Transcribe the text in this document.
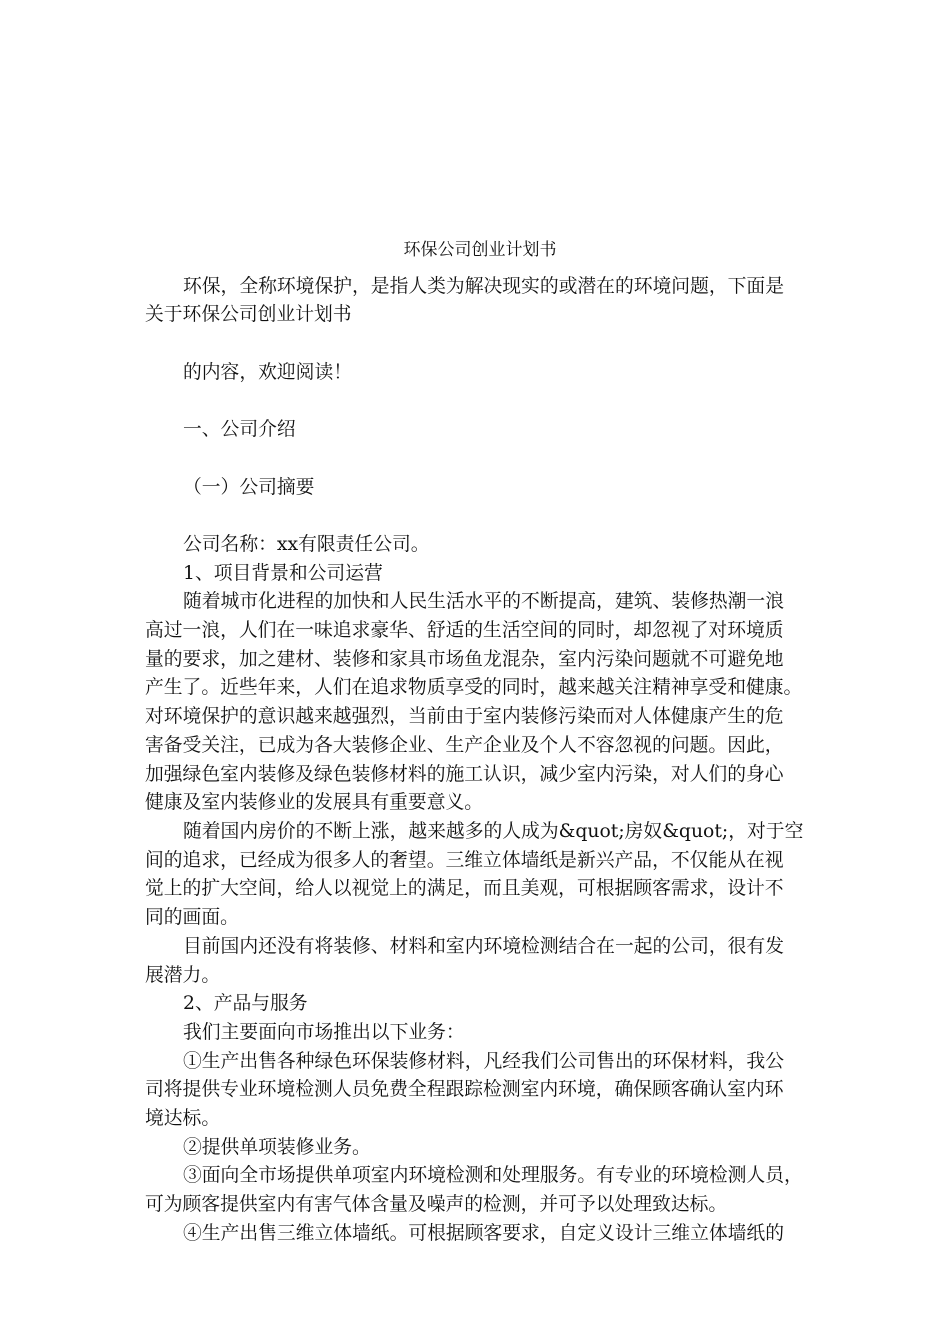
环保公司创业计划书
环保，全称环境保护，是指人类为解决现实的或潜在的环境问题，下面是
关于环保公司创业计划书
的内容，欢迎阅读！
一、公司介绍
（一）公司摘要
公司名称：xx有限责任公司。
1、项目背景和公司运营
随着城市化进程的加快和人民生活水平的不断提高，建筑、装修热潮一浪
高过一浪，人们在一味追求豪华、舒适的生活空间的同时，却忽视了对环境质
量的要求，加之建材、装修和家具市场鱼龙混杂，室内污染问题就不可避免地
产生了。近些年来，人们在追求物质享受的同时，越来越关注精神享受和健康。
对环境保护的意识越来越强烈，当前由于室内装修污染而对人体健康产生的危
害备受关注，已成为各大装修企业、生产企业及个人不容忽视的问题。因此，
加强绿色室内装修及绿色装修材料的施工认识，减少室内污染，对人们的身心
健康及室内装修业的发展具有重要意义。
随着国内房价的不断上涨，越来越多的人成为&quot;房奴&quot;，对于空
间的追求，已经成为很多人的奢望。三维立体墙纸是新兴产品，不仅能从在视
觉上的扩大空间，给人以视觉上的满足，而且美观，可根据顾客需求，设计不
同的画面。
目前国内还没有将装修、材料和室内环境检测结合在一起的公司，很有发
展潜力。
2、产品与服务
我们主要面向市场推出以下业务：
①生产出售各种绿色环保装修材料，凡经我们公司售出的环保材料，我公
司将提供专业环境检测人员免费全程跟踪检测室内环境，确保顾客确认室内环
境达标。
②提供单项装修业务。
③面向全市场提供单项室内环境检测和处理服务。有专业的环境检测人员，
可为顾客提供室内有害气体含量及噪声的检测，并可予以处理致达标。
④生产出售三维立体墙纸。可根据顾客要求，自定义设计三维立体墙纸的
